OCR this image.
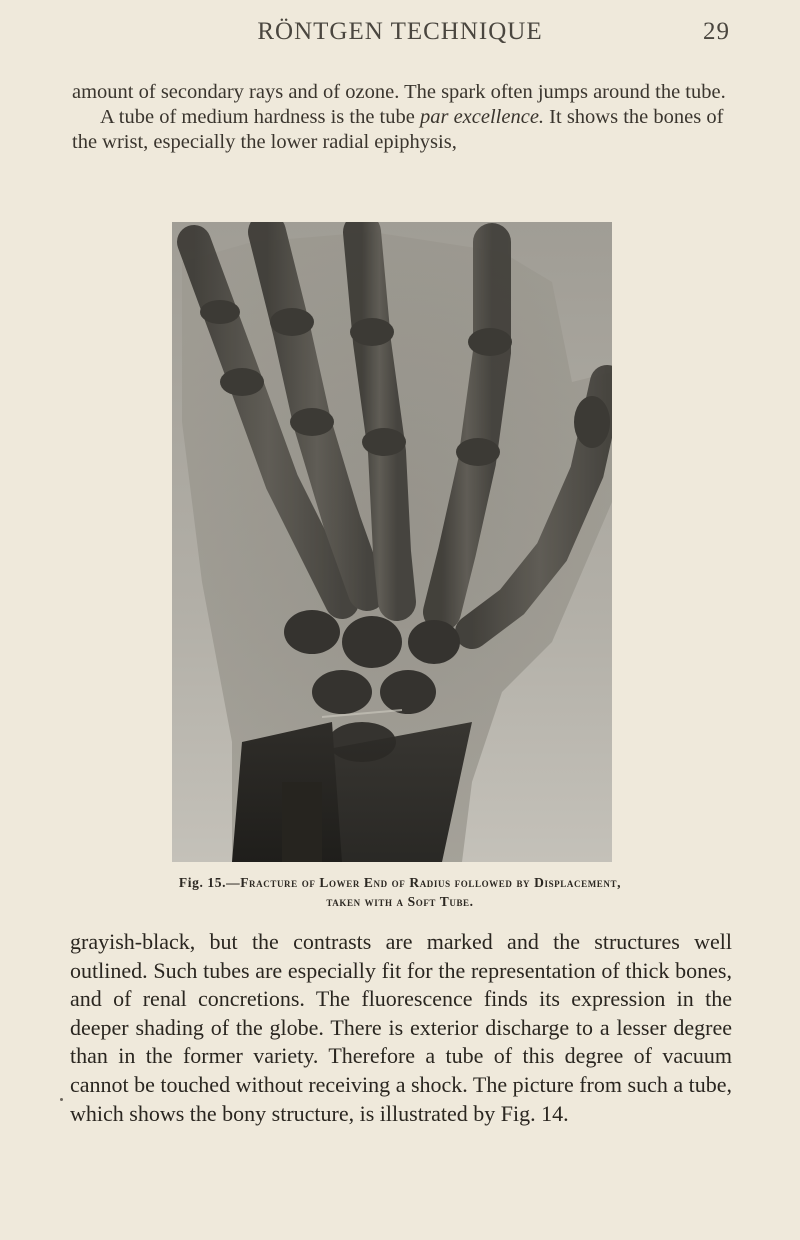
RÖNTGEN TECHNIQUE	29

amount of secondary rays and of ozone. The spark often jumps around the tube.

A tube of medium hardness is the tube par excellence. It shows the bones of the wrist, especially the lower radial epiphysis,

Fig. 15.—Fracture of Lower End of Radius followed by Displacement,
taken with a Soft Tube.

grayish-black, but the contrasts are marked and the structures well outlined. Such tubes are especially fit for the representation of thick bones, and of renal concretions. The fluorescence finds its expression in the deeper shading of the globe. There is exterior discharge to a lesser degree than in the former variety. Therefore a tube of this degree of vacuum cannot be touched without receiving a shock. The picture from such a tube, which shows the bony structure, is illustrated by Fig. 14.
